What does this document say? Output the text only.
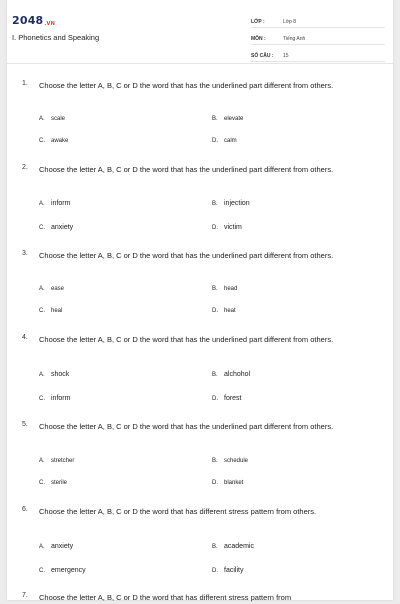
2048.VN
I. Phonetics and Speaking
LỚP :	Lớp 8
MÔN :	Tiếng Anh
SỐ CÂU :	15
1. Choose the letter A, B, C or D the word that has the underlined part different from others.
A. scale	B. elevate
C. awake	D. calm
2. Choose the letter A, B, C or D the word that has the underlined part different from others.
A. inform	B. injection
C. anxiety	D. victim
3. Choose the letter A, B, C or D the word that has the underlined part different from others.
A. ease	B. head
C. heal	D. heat
4. Choose the letter A, B, C or D the word that has the underlined part different from others.
A. shock	B. alchohol
C. inform	D. forest
5. Choose the letter A, B, C or D the word that has the underlined part different from others.
A. stretcher	B. schedule
C. sterile	D. blanket
6. Choose the letter A, B, C or D the word that has different stress pattern from others.
A. anxiety	B. academic
C. emergency	D. facility
7. Choose the letter A, B, C or D the word that has different stress pattern from
